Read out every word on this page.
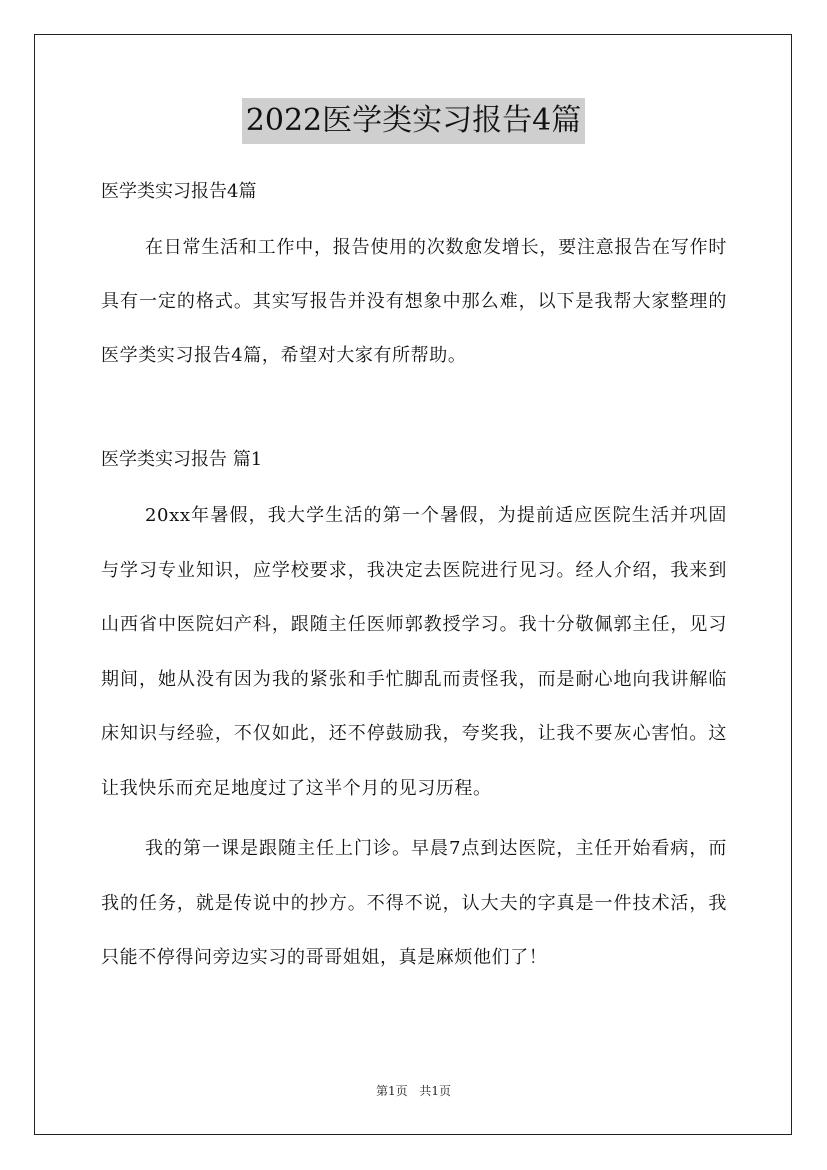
2022医学类实习报告4篇

医学类实习报告4篇

在日常生活和工作中，报告使用的次数愈发增长，要注意报告在写作时具有一定的格式。其实写报告并没有想象中那么难，以下是我帮大家整理的医学类实习报告4篇，希望对大家有所帮助。

医学类实习报告 篇1

20xx年暑假，我大学生活的第一个暑假，为提前适应医院生活并巩固与学习专业知识，应学校要求，我决定去医院进行见习。经人介绍，我来到山西省中医院妇产科，跟随主任医师郭教授学习。我十分敬佩郭主任，见习期间，她从没有因为我的紧张和手忙脚乱而责怪我，而是耐心地向我讲解临床知识与经验，不仅如此，还不停鼓励我，夸奖我，让我不要灰心害怕。这让我快乐而充足地度过了这半个月的见习历程。

我的第一课是跟随主任上门诊。早晨7点到达医院，主任开始看病，而我的任务，就是传说中的抄方。不得不说，认大夫的字真是一件技术活，我只能不停得问旁边实习的哥哥姐姐，真是麻烦他们了！

第1页 共1页
